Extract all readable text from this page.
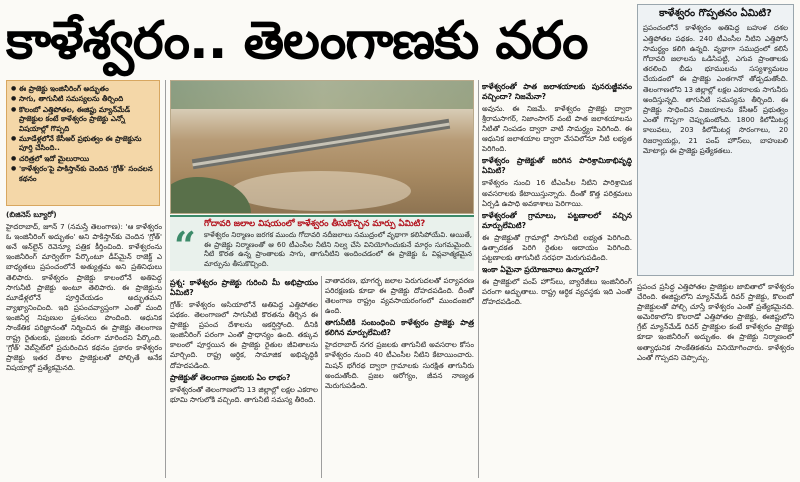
కాళేశ్వరం.. తెలంగాణకు వరం
● ఈ ప్రాజెక్టు ఇంజినీరింగ్ అద్భుతం
● సాగు, తాగునీటి సమస్యలను తీర్చింది
● కొలంబో ఎత్తిపోతల, ఈజిప్టు మ్యాన్‌మేడ్ ప్రాజెక్టుల కంటే కాళేశ్వరం ప్రాజెక్టు ఎన్నో విషయాల్లో గొప్పది
● మూడేళ్లలోనే కేసీఆర్ ప్రభుత్వం ఈ ప్రాజెక్టును పూర్తి చేసింది..
● చరిత్రలో ఇదో మైలురాయి
● 'కాళేశ్వరం'పై పాకిస్తాన్‌కు చెందిన 'గ్రోత్' సంచలన కథనం

(బిజినెస్ బ్యూరో)

హైదరాబాద్, జూన్ 7 (నమస్తే తెలంగాణ): 'ఆ కాళేశ్వరం ఓ ఇంజినీరింగ్ అద్భుతం' అని పాకిస్తాన్‌కు చెందిన 'గ్రోత్' అనే ఆన్‌లైన్ రెవెన్యూ పత్రిక కీర్తించింది. కాళేశ్వరంను ఇంజినీరింగ్ మార్వెల్‌గా పేర్కొంటూ డీప్‌మైన్ రాజెక్ట్ ఎ బాధ్యతలు ప్రపంచంలోనే అత్యుత్తమ అని ప్రతినిధులు తెలిపారు. కాళేశ్వరం ప్రాజెక్టు కాలంలోనే అతిపెద్ద సాగునీటి ప్రాజెక్టు అంటూ తెలిపారు. ఈ ప్రాజెక్టును మూడేళ్లలోనే పూర్తిచేయడం అద్భుతమని వ్యాఖ్యానించింది. ఇది ప్రపంచవ్యాప్తంగా ఎంతో మంది ఇంజినీర్ల నిపుణుల ప్రశంసలు పొందింది. ఆధునిక సాంకేతిక పరిజ్ఞానంతో నిర్మించిన ఈ ప్రాజెక్టు తెలంగాణ రాష్ట్ర రైతులకు, ప్రజలకు వరంగా మారిందని పేర్కొంది. 'గ్రోత్' వెబ్‌సైట్‌లో ప్రచురించిన కథనం ప్రకారం కాళేశ్వరం ప్రాజెక్టు ఇతర దేశాల ప్రాజెక్టులతో పోల్చితే అనేక విషయాల్లో ప్రత్యేకమైనది.

“ గోదావరి జలాల విషయంలో కాళేశ్వరం తీసుకొచ్చిన మార్పు ఏమిటి?
కాళేశ్వరం నిర్మాణం జరగక ముందు గోదావరి నదీజలాలు సముద్రంలో వృథాగా కలిసిపోయేవి. అయితే, ఈ ప్రాజెక్టు నిర్మాణంతో ఆ 60 టీఎంసీల నీటిని నిల్వ చేసి వినియోగించుకునే మార్గం సుగమమైంది. నీటి కొరత ఉన్న ప్రాంతాలకు సాగు, తాగునీటిని అందించడంలో ఈ ప్రాజెక్టు ఓ విప్లవాత్మకమైన మార్పును తీసుకొచ్చింది.
ప్రశ్న: కాళేశ్వరం ప్రాజెక్టు గురించి మీ అభిప్రాయం ఏమిటి?

గ్రోత్: కాళేశ్వరం ఆసియాలోనే అతిపెద్ద ఎత్తిపోతల పథకం. తెలంగాణలో సాగునీటి కొరతను తీర్చిన ఈ ప్రాజెక్టు ప్రపంచ దేశాలను ఆకర్షిస్తోంది. దీనికి ఇంజినీరింగ్ పరంగా ఎంతో ప్రాధాన్యం ఉంది. తక్కువ కాలంలో పూర్తయిన ఈ ప్రాజెక్టు రైతుల జీవితాలను మార్చింది. రాష్ట్ర ఆర్థిక, సామాజిక అభివృద్ధికి దోహదపడింది.

ప్రాజెక్టుతో తెలంగాణ ప్రజలకు ఏం లాభం?

కాళేశ్వరంతో తెలంగాణలోని 13 జిల్లాల్లో లక్షల ఎకరాల భూమి సాగులోకి వచ్చింది. తాగునీటి సమస్య తీరింది.

వాతావరణ, భూగర్భ జలాల పెరుగుదలతో పర్యావరణ పరిరక్షణకు కూడా ఈ ప్రాజెక్టు దోహదపడింది. దీంతో తెలంగాణ రాష్ట్రం వ్యవసాయరంగంలో ముందంజలో ఉంది.

తాగునీటికి సంబంధించి కాళేశ్వరం ప్రాజెక్టు పాత్ర కలిగిన మార్పులేమిటి?

హైదరాబాద్ నగర ప్రజలకు తాగునీటి అవసరాల కోసం కాళేశ్వరం నుంచి 40 టీఎంసీల నీటిని కేటాయించారు. మిషన్ భగీరథ ద్వారా గ్రామాలకు సురక్షిత తాగునీరు అందుతోంది. ప్రజల ఆరోగ్యం, జీవన నాణ్యత మెరుగుపడింది.

కాళేశ్వరంతో పాత జలాశయాలకు పునరుజ్జీవనం వచ్చిందా? నిజమేనా?

అవును. ఈ నిజమే. కాళేశ్వరం ప్రాజెక్టు ద్వారా శ్రీరామసాగర్, నిజాంసాగర్ వంటి పాత జలాశయాలను నీటితో నింపడం ద్వారా వాటి సామర్థ్యం పెరిగింది. ఈ ఆధునిక జలాశయాల ద్వారా వేసవిలోనూ నీటి లభ్యత పెరిగింది.

కాళేశ్వరం ప్రాజెక్టుతో జరిగిన పారిశ్రామికాభివృద్ధి ఏమిటి?

కాళేశ్వరం నుంచి 16 టీఎంసీల నీటిని పారిశ్రామిక అవసరాలకు కేటాయిస్తున్నారు. దీంతో కొత్త పరిశ్రమలు ఏర్పడి ఉపాధి అవకాశాలు పెరిగాయి.

కాళేశ్వరంతో గ్రామాలు, పట్టణాలలో వచ్చిన మార్పులేమిటి?

ఈ ప్రాజెక్టుతో గ్రామాల్లో సాగునీటి లభ్యత పెరిగింది. ఉత్పాదకత పెరిగి రైతుల ఆదాయం పెరిగింది. పట్టణాలకు తాగునీటి సరఫరా మెరుగుపడింది.

ఇంకా ఏమైనా ప్రయోజనాలు ఉన్నాయా?

ఈ ప్రాజెక్టులో పంప్ హౌస్‌లు, బ్యారేజీలు ఇంజినీరింగ్ పరంగా అద్భుతాలు. రాష్ట్ర ఆర్థిక వ్యవస్థకు ఇది ఎంతో దోహదపడింది.

కాళేశ్వరం గొప్పతనం ఏమిటి?
ప్రపంచంలోనే కాళేశ్వరం అతిపెద్ద బహుళ దశల ఎత్తిపోతల పథకం. 240 టీఎంసీల నీటిని ఎత్తిపోసే సామర్థ్యం కలిగి ఉన్నది. వృథాగా సముద్రంలో కలిసే గోదావరి జలాలను ఒడిసిపట్టి, ఎగువ ప్రాంతాలకు తరలించి బీడు భూములను సస్యశ్యామలం చేయడంలో ఈ ప్రాజెక్టు ఎంతగానో తోడ్పడుతోంది. తెలంగాణలోని 13 జిల్లాల్లో లక్షల ఎకరాలకు సాగునీరు అందిస్తున్నది. తాగునీటి సమస్యను తీర్చింది. ఈ ప్రాజెక్టు సాధించిన విజయాలను కేసీఆర్ ప్రభుత్వం ఎంతో గొప్పగా చెప్పుకుంటోంది. 1800 కిలోమీటర్ల కాలువలు, 203 కిలోమీటర్ల సొరంగాలు, 20 రిజర్వాయర్లు, 21 పంప్ హౌస్‌లు, బాహుబలి మోటార్లు ఈ ప్రాజెక్టు ప్రత్యేకతలు.

ప్రపంచ ప్రసిద్ధ ఎత్తిపోతల ప్రాజెక్టుల జాబితాలో కాళేశ్వరం చేరింది. ఈజిప్టులోని మ్యాన్‌మేడ్ రివర్ ప్రాజెక్టు, కొలంబో ప్రాజెక్టులతో పోల్చి చూస్తే కాళేశ్వరం ఎంతో ప్రత్యేకమైనది. అమెరికాలోని కొలరాడో ఎత్తిపోతల ప్రాజెక్టు, ఈజిప్టులోని గ్రేట్ మ్యాన్‌మేడ్ రివర్ ప్రాజెక్టుల కంటే కాళేశ్వరం ప్రాజెక్టు కూడా ఇంజినీరింగ్ అద్భుతం. ఈ ప్రాజెక్టు నిర్మాణంలో అత్యాధునిక సాంకేతికతను వినియోగించారు. కాళేశ్వరం ఎంతో గొప్పదని చెప్పొచ్చు.
